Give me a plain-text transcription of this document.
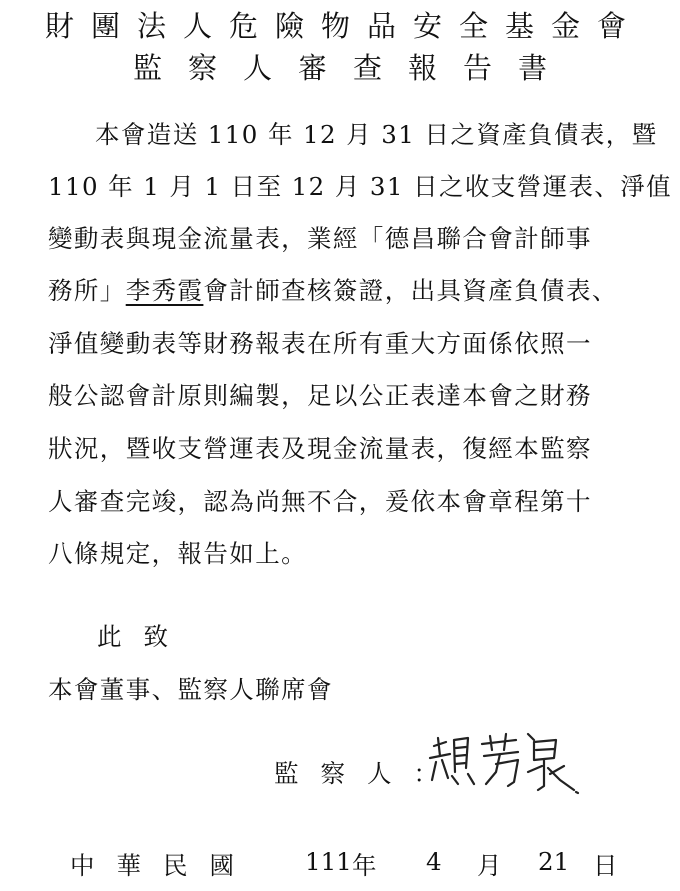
財團法人危險物品安全基金會
監察人審查報告書
本會造送 110 年 12 月 31 日之資產負債表，暨
110 年 1 月 1 日至 12 月 31 日之收支營運表、淨值
變動表與現金流量表，業經「德昌聯合會計師事
務所」李秀霞會計師查核簽證，出具資產負債表、
淨值變動表等財務報表在所有重大方面係依照一
般公認會計原則編製，足以公正表達本會之財務
狀況，暨收支營運表及現金流量表，復經本監察
人審查完竣，認為尚無不合，爰依本會章程第十
八條規定，報告如上。
此致
本會董事、監察人聯席會
監察人：
中華民國 111 年 4 月 21 日
